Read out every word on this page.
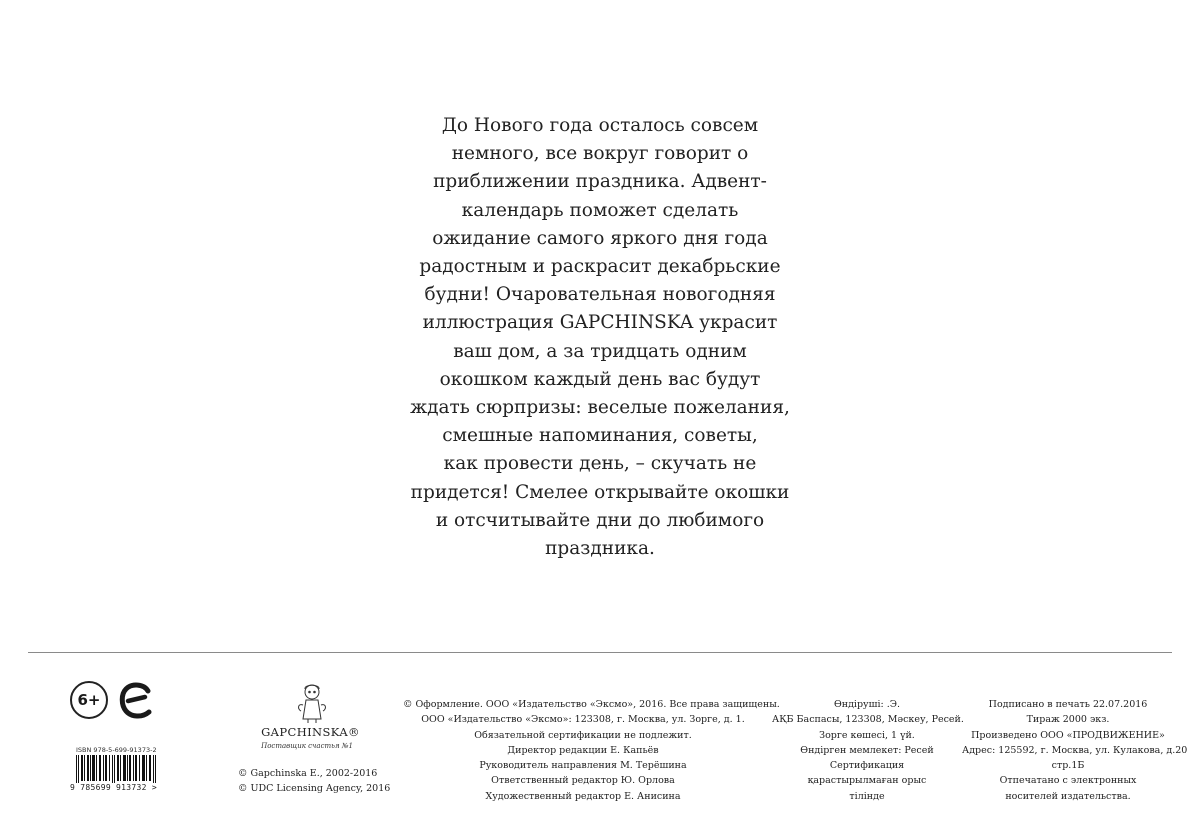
До Нового года осталось совсем
немного, все вокруг говорит о
приближении праздника. Адвент-
календарь поможет сделать
ожидание самого яркого дня года
радостным и раскрасит декабрьские
будни! Очаровательная новогодняя
иллюстрация GAPCHINSKA украсит
ваш дом, а за тридцать одним
окошком каждый день вас будут
ждать сюрпризы: веселые пожелания,
смешные напоминания, советы,
как провести день, – скучать не
придется! Смелее открывайте окошки
и отсчитывайте дни до любимого
праздника.
6+
ISBN 978-5-699-91373-2
9 785699 913732 >
GAPCHINSKA®
Поставщик счастья №1
© Gapchinska E., 2002-2016
© UDC Licensing Agency, 2016
© Оформление. ООО «Издательство «Эксмо», 2016. Все права защищены.
ООО «Издательство «Эксмо»: 123308, г. Москва, ул. Зорге, д. 1.
Обязательной сертификации не подлежит.
Директор редакции Е. Капьёв
Руководитель направления М. Терёшина
Ответственный редактор Ю. Орлова
Художественный редактор Е. Анисина
Өндіруші: .Э.
АҚБ Баспасы, 123308, Мәскеу, Ресей.
Зорге көшесі, 1 үй.
Өндірген мемлекет: Ресей
Сертификация
қарастырылмаған орыс
тілінде
Подписано в печать 22.07.2016
Тираж 2000 экз.
Произведено ООО «ПРОДВИЖЕНИЕ»
Адрес: 125592, г. Москва, ул. Кулакова, д.20
стр.1Б
Отпечатано с электронных
носителей издательства.
